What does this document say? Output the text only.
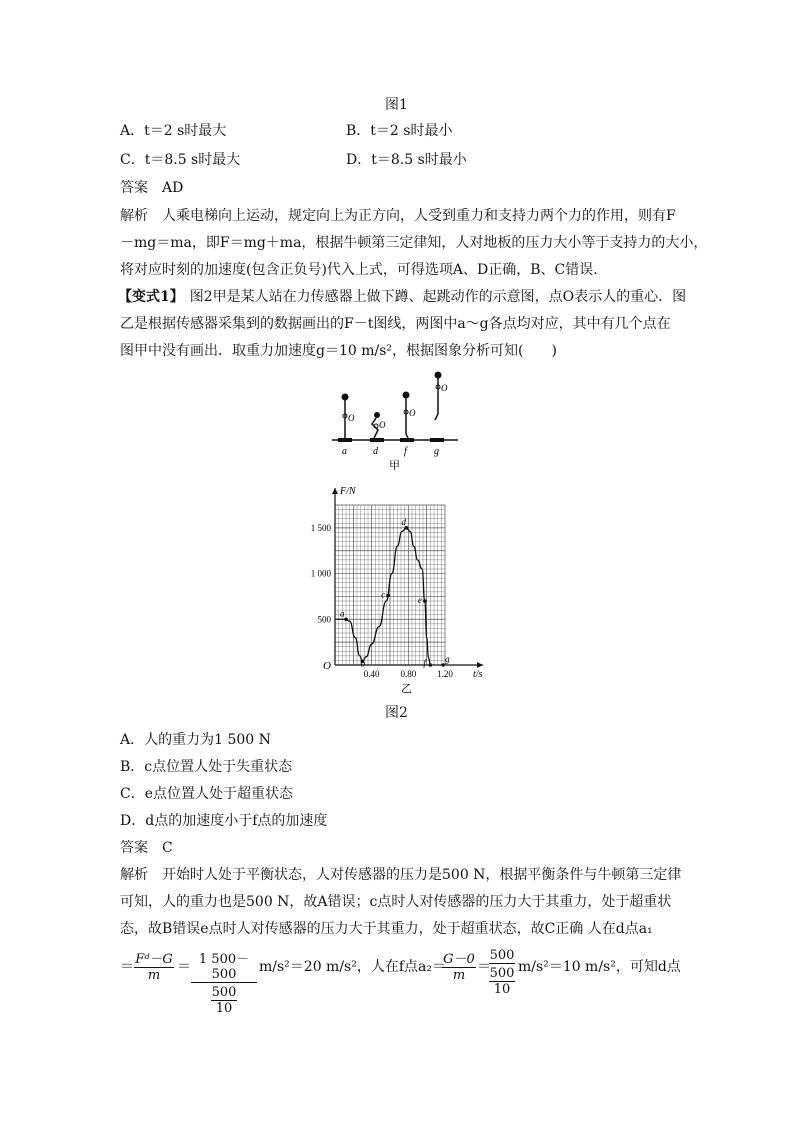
图1
A．t＝2 s时最大	B．t＝2 s时最小
C．t＝8.5 s时最大	D．t＝8.5 s时最小
答案 AD
解析 人乘电梯向上运动，规定向上为正方向，人受到重力和支持力两个力的作用，则有F
－mg＝ma，即F＝mg＋ma，根据牛顿第三定律知，人对地板的压力大小等于支持力的大小，
将对应时刻的加速度(包含正负号)代入上式，可得选项A、D正确，B、C错误.
【变式1】 图2甲是某人站在力传感器上做下蹲、起跳动作的示意图，点O表示人的重心．图
乙是根据传感器采集到的数据画出的F－t图线，两图中a～g各点均对应，其中有几个点在
图甲中没有画出．取重力加速度g＝10 m/s²，根据图象分析可知(　　)
O
O
O
O
a	d	f	g
甲
0.40 0.80 1.20
500
1 000
1 500
a
b
c
d
e
f g
F/N
t/s
O
乙
图2
A．人的重力为1 500 N
B．c点位置人处于失重状态
C．e点位置人处于超重状态
D．d点的加速度小于f点的加速度
答案 C
解析 开始时人处于平衡状态，人对传感器的压力是500 N，根据平衡条件与牛顿第三定律
可知，人的重力也是500 N，故A错误；c点时人对传感器的压力大于其重力，处于超重状
态，故B错误e点时人对传感器的压力大于其重力，处于超重状态，故C正确 人在d点a₁
＝ $\frac{\text{Fᵈ－G}}{m} = 1$ 500－500
500
10 m/s²＝20 m/s²，人在f点a₂＝
$\frac{G-0}{m}$ ＝
500
500
10 m/s²＝10 m/s²，可知d点
